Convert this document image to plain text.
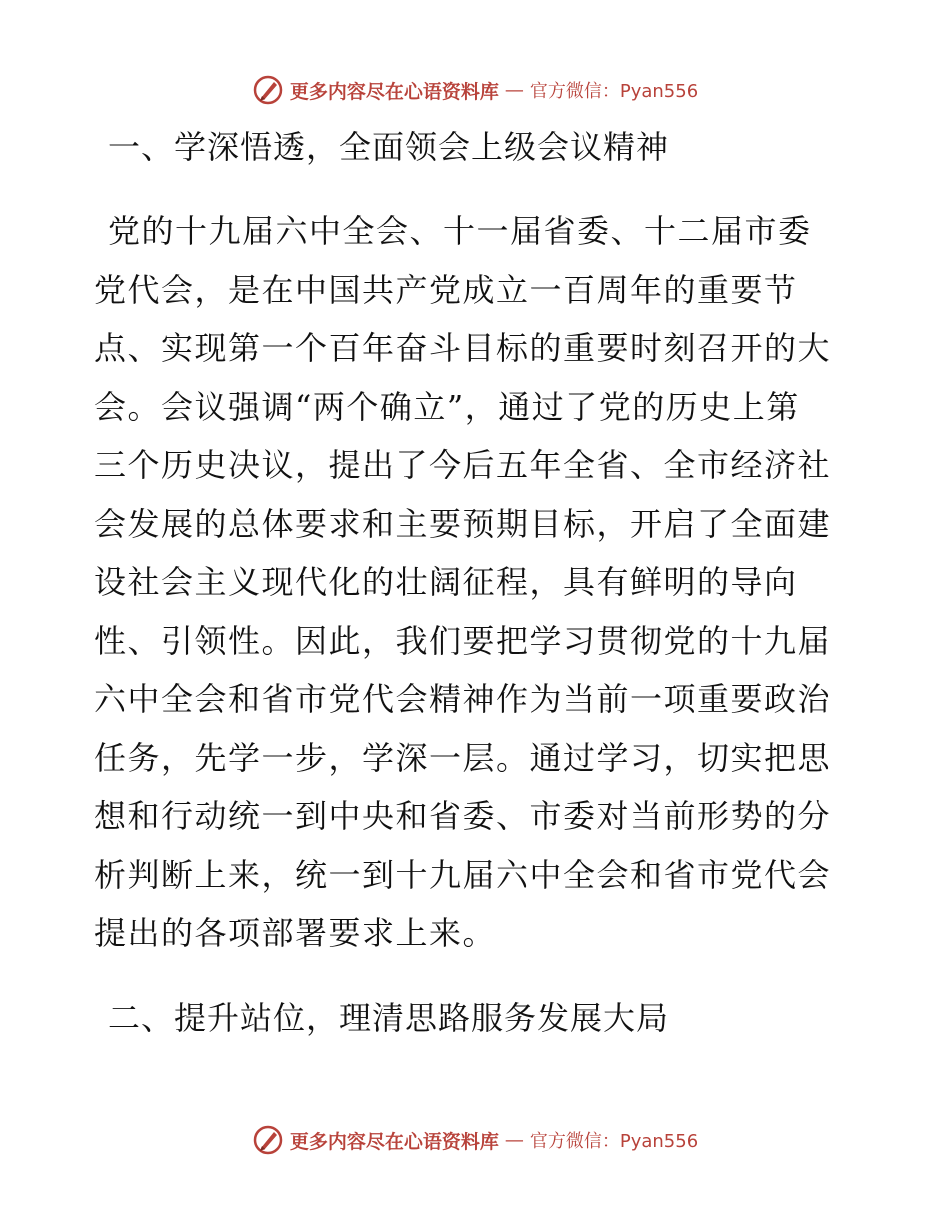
更多内容尽在心语资料库 — 官方微信：Pyan556
一、学深悟透，全面领会上级会议精神

党的十九届六中全会、十一届省委、十二届市委

党代会，是在中国共产党成立一百周年的重要节

点、实现第一个百年奋斗目标的重要时刻召开的大

会。会议强调“两个确立”，通过了党的历史上第

三个历史决议，提出了今后五年全省、全市经济社

会发展的总体要求和主要预期目标，开启了全面建

设社会主义现代化的壮阔征程，具有鲜明的导向

性、引领性。因此，我们要把学习贯彻党的十九届

六中全会和省市党代会精神作为当前一项重要政治

任务，先学一步，学深一层。通过学习，切实把思

想和行动统一到中央和省委、市委对当前形势的分

析判断上来，统一到十九届六中全会和省市党代会

提出的各项部署要求上来。

二、提升站位，理清思路服务发展大局
更多内容尽在心语资料库 — 官方微信：Pyan556
